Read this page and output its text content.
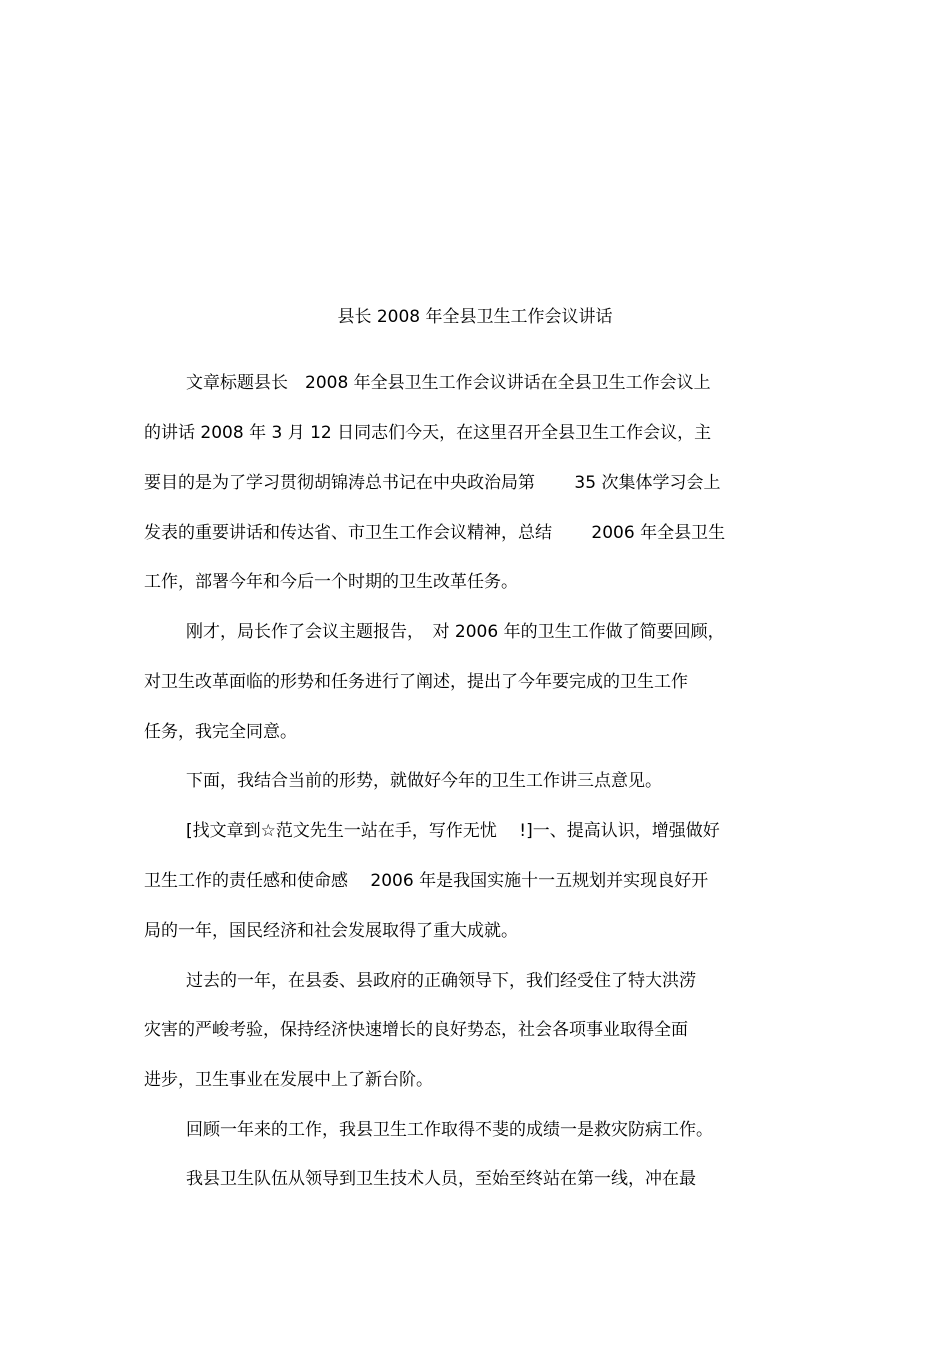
县长 2008 年全县卫生工作会议讲话
文章标题县长　2008 年全县卫生工作会议讲话在全县卫生工作会议上
的讲话 2008 年 3 月 12 日同志们今天，在这里召开全县卫生工作会议，主
要目的是为了学习贯彻胡锦涛总书记在中央政治局第　　 35 次集体学习会上
发表的重要讲话和传达省、市卫生工作会议精神，总结　　 2006 年全县卫生
工作，部署今年和今后一个时期的卫生改革任务。
刚才，局长作了会议主题报告，　对 2006 年的卫生工作做了简要回顾，
对卫生改革面临的形势和任务进行了阐述，提出了今年要完成的卫生工作
任务，我完全同意。
下面，我结合当前的形势，就做好今年的卫生工作讲三点意见。
[找文章到☆范文先生一站在手，写作无忧　 !]一、提高认识，增强做好
卫生工作的责任感和使命感　 2006 年是我国实施十一五规划并实现良好开
局的一年，国民经济和社会发展取得了重大成就。
过去的一年，在县委、县政府的正确领导下，我们经受住了特大洪涝
灾害的严峻考验，保持经济快速增长的良好势态，社会各项事业取得全面
进步，卫生事业在发展中上了新台阶。
回顾一年来的工作，我县卫生工作取得不斐的成绩一是救灾防病工作。
我县卫生队伍从领导到卫生技术人员，至始至终站在第一线，冲在最
